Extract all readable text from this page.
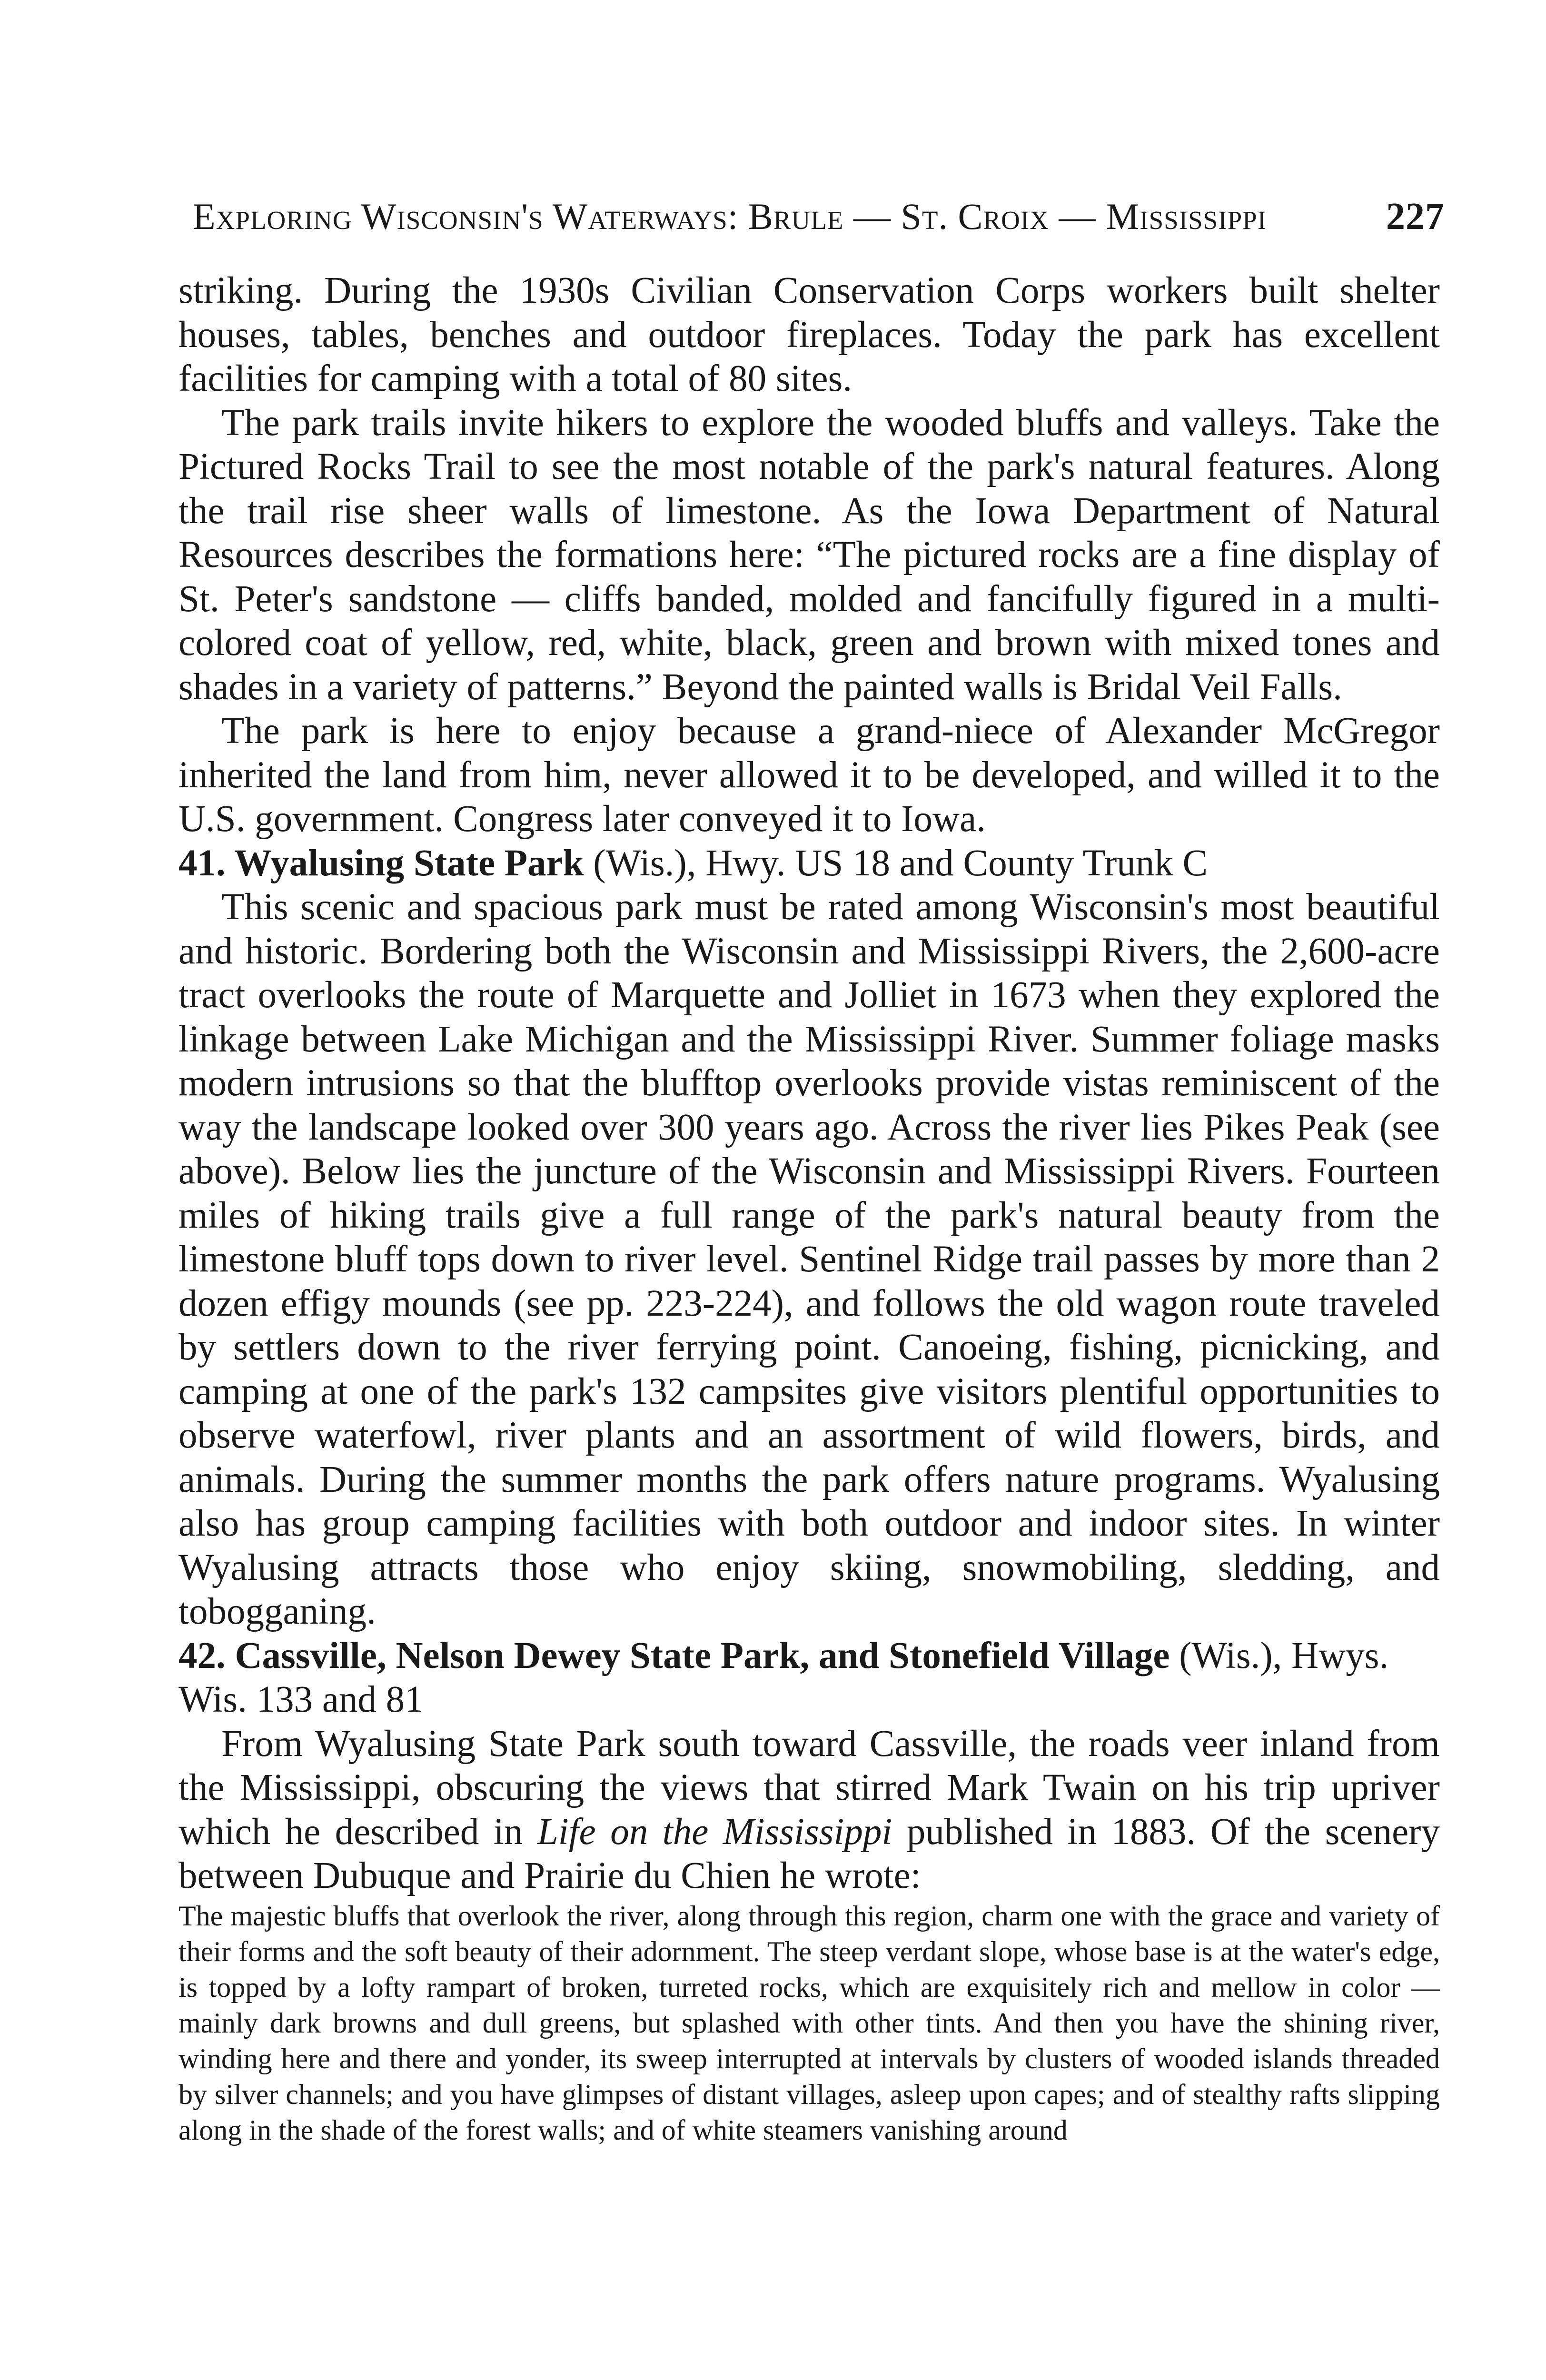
Exploring Wisconsin's Waterways: Brule — St. Croix — Mississippi	227

striking. During the 1930s Civilian Conservation Corps workers built shelter houses, tables, benches and outdoor fireplaces. Today the park has excellent facilities for camping with a total of 80 sites.

The park trails invite hikers to explore the wooded bluffs and valleys. Take the Pictured Rocks Trail to see the most notable of the park's natural features. Along the trail rise sheer walls of limestone. As the Iowa Department of Natural Resources describes the formations here: “The pictured rocks are a fine display of St. Peter's sandstone — cliffs banded, molded and fancifully figured in a multi-colored coat of yellow, red, white, black, green and brown with mixed tones and shades in a variety of patterns.” Beyond the painted walls is Bridal Veil Falls.

The park is here to enjoy because a grand-niece of Alexander McGregor inherited the land from him, never allowed it to be developed, and willed it to the U.S. government. Congress later conveyed it to Iowa.

41. Wyalusing State Park (Wis.), Hwy. US 18 and County Trunk C

This scenic and spacious park must be rated among Wisconsin's most beautiful and historic. Bordering both the Wisconsin and Mississippi Rivers, the 2,600-acre tract overlooks the route of Marquette and Jolliet in 1673 when they explored the linkage between Lake Michigan and the Mississippi River. Summer foliage masks modern intrusions so that the blufftop overlooks provide vistas reminiscent of the way the landscape looked over 300 years ago. Across the river lies Pikes Peak (see above). Below lies the juncture of the Wisconsin and Mississippi Rivers. Fourteen miles of hiking trails give a full range of the park's natural beauty from the limestone bluff tops down to river level. Sentinel Ridge trail passes by more than 2 dozen effigy mounds (see pp. 223-224), and follows the old wagon route traveled by settlers down to the river ferrying point. Canoeing, fishing, picnicking, and camping at one of the park's 132 campsites give visitors plentiful opportunities to observe waterfowl, river plants and an assortment of wild flowers, birds, and animals. During the summer months the park offers nature programs. Wyalusing also has group camping facilities with both outdoor and indoor sites. In winter Wyalusing attracts those who enjoy skiing, snowmobiling, sledding, and tobogganing.

42. Cassville, Nelson Dewey State Park, and Stonefield Village (Wis.), Hwys. Wis. 133 and 81

From Wyalusing State Park south toward Cassville, the roads veer inland from the Mississippi, obscuring the views that stirred Mark Twain on his trip upriver which he described in Life on the Mississippi published in 1883. Of the scenery between Dubuque and Prairie du Chien he wrote:

The majestic bluffs that overlook the river, along through this region, charm one with the grace and variety of their forms and the soft beauty of their adornment. The steep verdant slope, whose base is at the water's edge, is topped by a lofty rampart of broken, turreted rocks, which are exquisitely rich and mellow in color — mainly dark browns and dull greens, but splashed with other tints. And then you have the shining river, winding here and there and yonder, its sweep interrupted at intervals by clusters of wooded islands threaded by silver channels; and you have glimpses of distant villages, asleep upon capes; and of stealthy rafts slipping along in the shade of the forest walls; and of white steamers vanishing around
